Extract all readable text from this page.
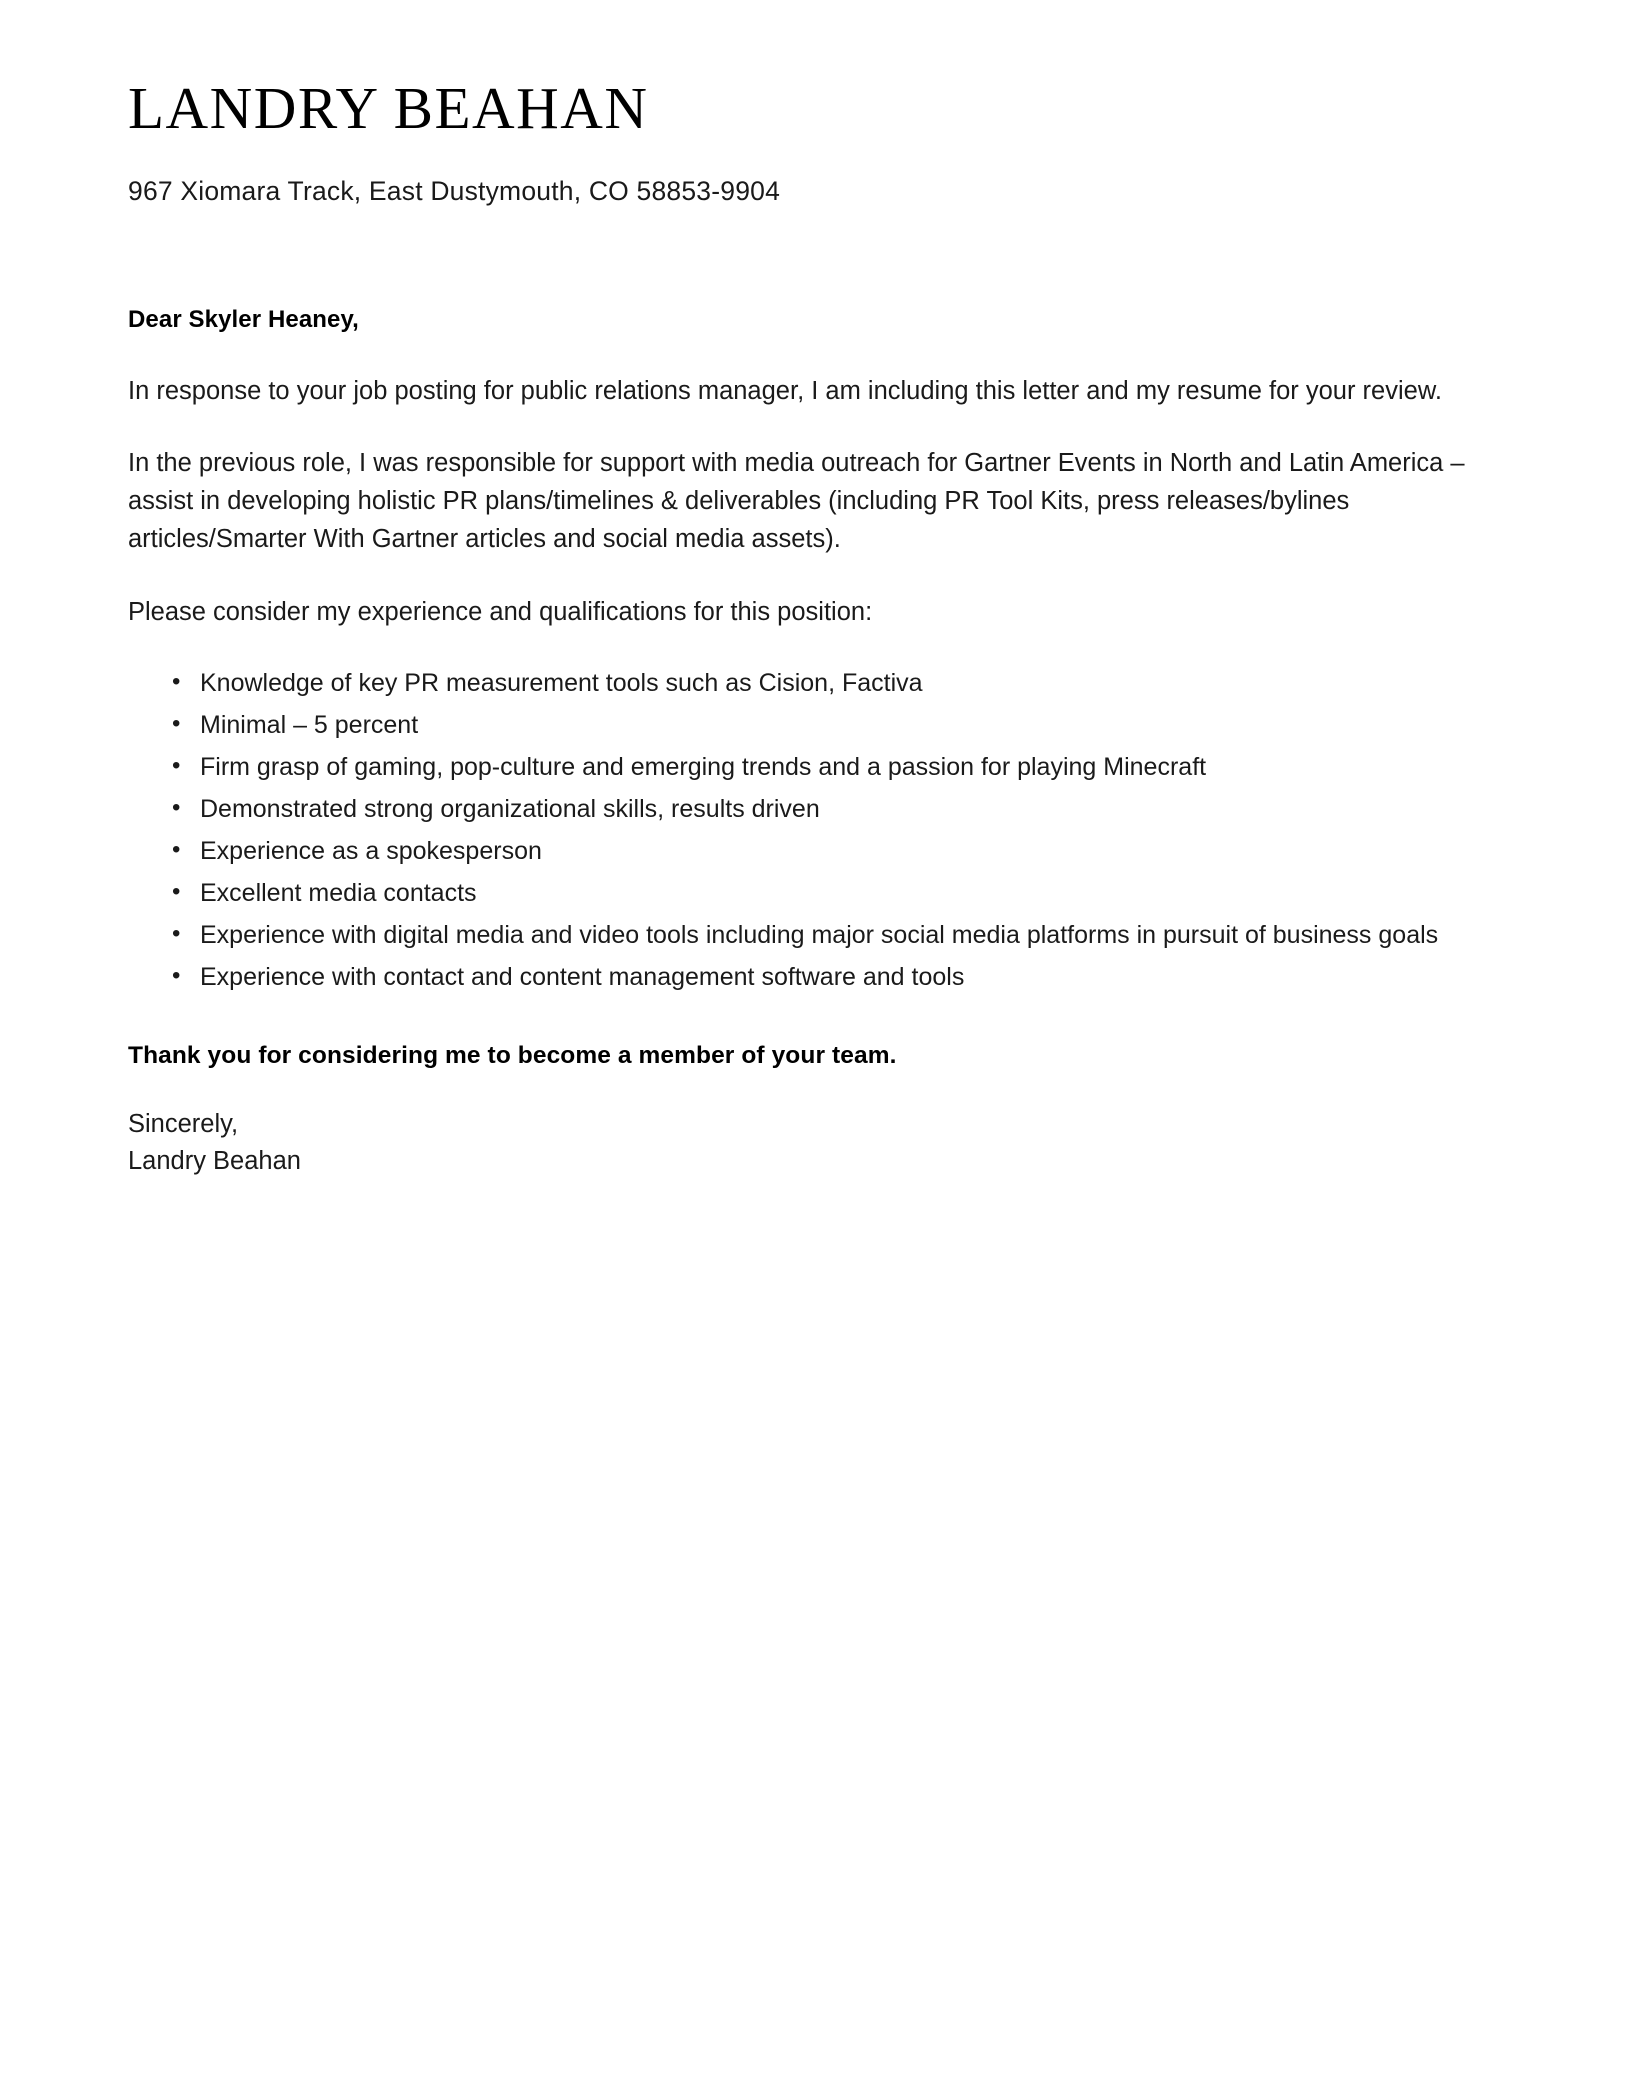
LANDRY BEAHAN
967 Xiomara Track, East Dustymouth, CO 58853-9904
Dear Skyler Heaney,

In response to your job posting for public relations manager, I am including this letter and my resume for your review.

In the previous role, I was responsible for support with media outreach for Gartner Events in North and Latin America – assist in developing holistic PR plans/timelines & deliverables (including PR Tool Kits, press releases/bylines articles/Smarter With Gartner articles and social media assets).

Please consider my experience and qualifications for this position:

• Knowledge of key PR measurement tools such as Cision, Factiva
• Minimal – 5 percent
• Firm grasp of gaming, pop-culture and emerging trends and a passion for playing Minecraft
• Demonstrated strong organizational skills, results driven
• Experience as a spokesperson
• Excellent media contacts
• Experience with digital media and video tools including major social media platforms in pursuit of business goals
• Experience with contact and content management software and tools
Thank you for considering me to become a member of your team.
Sincerely,
Landry Beahan
